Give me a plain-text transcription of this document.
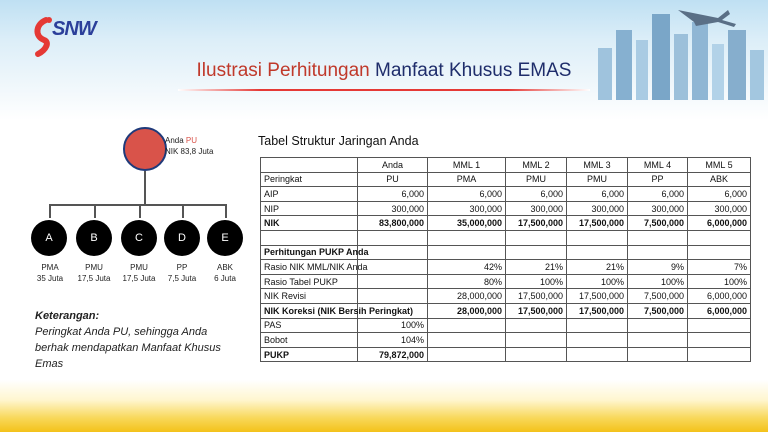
SNW
Ilustrasi Perhitungan Manfaat Khusus EMAS
Anda PU
NIK 83,8 Juta
A	B	C	D	E
PMA
35 Juta
PMU
17,5 Juta
PMU
17,5 Juta
PP
7,5 Juta
ABK
6 Juta
Keterangan:
Peringkat Anda PU, sehingga Anda berhak mendapatkan Manfaat Khusus Emas
Tabel Struktur Jaringan Anda
	Anda	MML 1	MML 2	MML 3	MML 4	MML 5
Peringkat	PU	PMA	PMU	PMU	PP	ABK
AIP	6,000	6,000	6,000	6,000	6,000	6,000
NIP	300,000	300,000	300,000	300,000	300,000	300,000
NIK	83,800,000	35,000,000	17,500,000	17,500,000	7,500,000	6,000,000

Perhitungan PUKP Anda						
Rasio NIK MML/NIK Anda		42%	21%	21%	9%	7%
Rasio Tabel PUKP		80%	100%	100%	100%	100%
NIK Revisi		28,000,000	17,500,000	17,500,000	7,500,000	6,000,000
NIK Koreksi (NIK Bersih Peringkat)		28,000,000	17,500,000	17,500,000	7,500,000	6,000,000
PAS	100%					
Bobot	104%					
PUKP	79,872,000					
